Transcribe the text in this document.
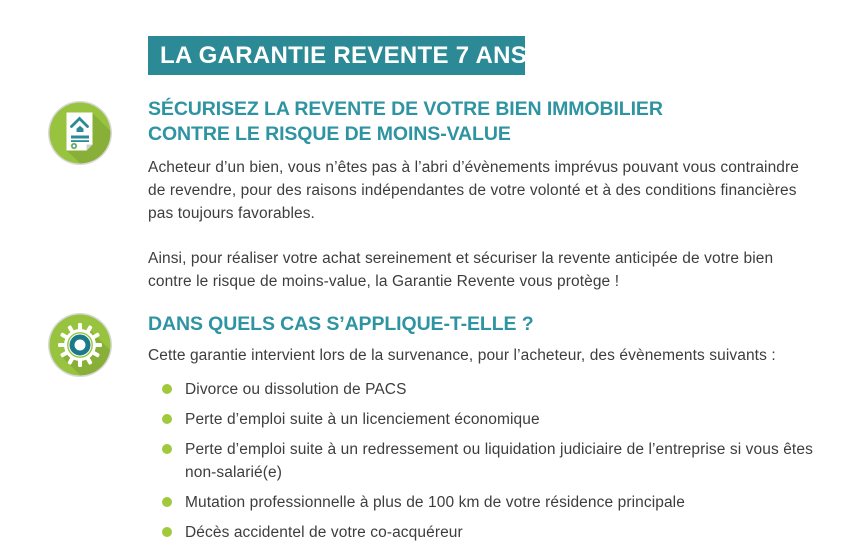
LA GARANTIE REVENTE 7 ANS
SÉCURISEZ LA REVENTE DE VOTRE BIEN IMMOBILIER
CONTRE LE RISQUE DE MOINS-VALUE
Acheteur d’un bien, vous n’êtes pas à l’abri d’évènements imprévus pouvant vous contraindre de revendre, pour des raisons indépendantes de votre volonté et à des conditions financières pas toujours favorables.
Ainsi, pour réaliser votre achat sereinement et sécuriser la revente anticipée de votre bien contre le risque de moins-value, la Garantie Revente vous protège !
DANS QUELS CAS S’APPLIQUE-T-ELLE ?
Cette garantie intervient lors de la survenance, pour l’acheteur, des évènements suivants :
Divorce ou dissolution de PACS
Perte d’emploi suite à un licenciement économique
Perte d’emploi suite à un redressement ou liquidation judiciaire de l’entreprise si vous êtes non-salarié(e)
Mutation professionnelle à plus de 100 km de votre résidence principale
Décès accidentel de votre co-acquéreur
